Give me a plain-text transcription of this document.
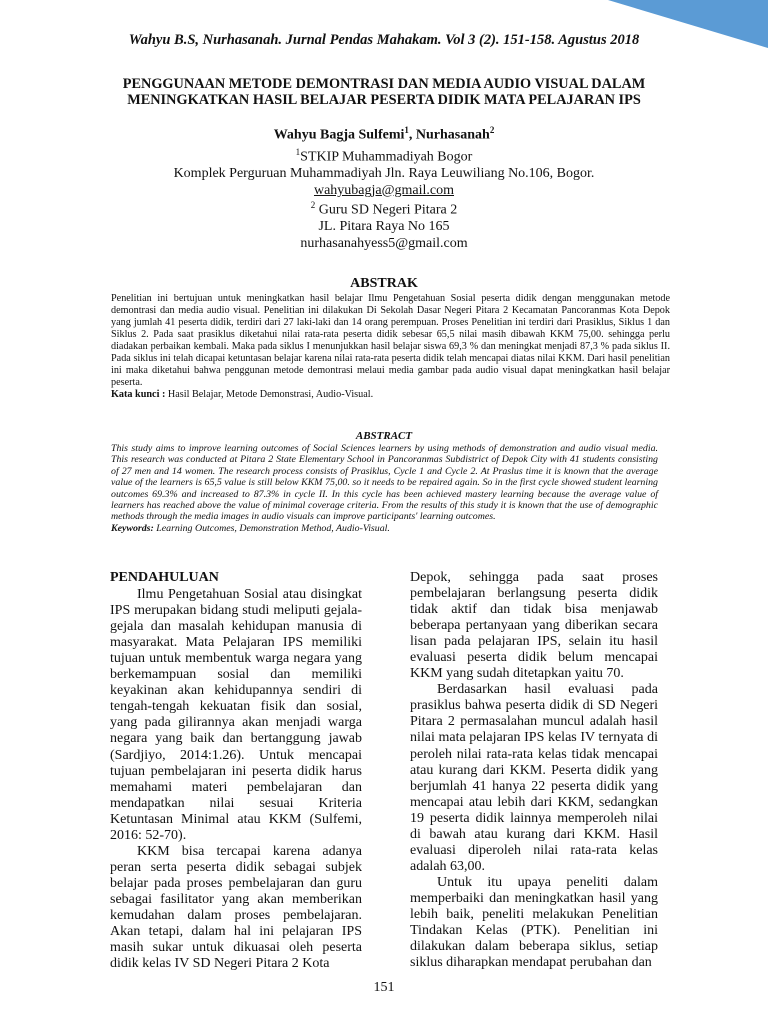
Wahyu B.S, Nurhasanah. Jurnal Pendas Mahakam. Vol 3 (2). 151-158. Agustus 2018
PENGGUNAAN METODE DEMONTRASI DAN MEDIA AUDIO VISUAL DALAM
MENINGKATKAN HASIL BELAJAR PESERTA DIDIK MATA PELAJARAN IPS
Wahyu Bagja Sulfemi$^1$, Nurhasanah$^2$
$^1$STKIP Muhammadiyah Bogor
Komplek Perguruan Muhammadiyah Jln. Raya Leuwiliang No.106, Bogor.
wahyubagja@gmail.com
$^2$ Guru SD Negeri Pitara 2
JL. Pitara Raya No 165
nurhasanahyess5@gmail.com
ABSTRAK

Penelitian ini bertujuan untuk meningkatkan hasil belajar Ilmu Pengetahuan Sosial peserta didik dengan menggunakan metode demontrasi dan media audio visual. Penelitian ini dilakukan Di Sekolah Dasar Negeri Pitara 2 Kecamatan Pancoranmas Kota Depok yang jumlah 41 peserta didik, terdiri dari 27 laki-laki dan 14 orang perempuan. Proses Penelitian ini terdiri dari Prasiklus, Siklus 1 dan Siklus 2. Pada saat prasiklus diketahui nilai rata-rata peserta didik sebesar 65,5 nilai masih dibawah KKM 75,00. sehingga perlu diadakan perbaikan kembali. Maka pada siklus I menunjukkan hasil belajar siswa 69,3 % dan meningkat menjadi 87,3 % pada siklus II. Pada siklus ini telah dicapai ketuntasan belajar karena nilai rata-rata peserta didik telah mencapai diatas nilai KKM. Dari hasil penelitian ini maka diketahui bahwa penggunan metode demontrasi melaui media gambar pada audio visual dapat meningkatkan hasil belajar peserta.

Kata kunci : Hasil Belajar, Metode Demonstrasi, Audio-Visual.

ABSTRACT

This study aims to improve learning outcomes of Social Sciences learners by using methods of demonstration and audio visual media. This research was conducted at Pitara 2 State Elementary School in Pancoranmas Subdistrict of Depok City with 41 students consisting of 27 men and 14 women. The research process consists of Prasiklus, Cycle 1 and Cycle 2. At Praslus time it is known that the average value of the learners is 65,5 value is still below KKM 75,00. so it needs to be repaired again. So in the first cycle showed student learning outcomes 69.3% and increased to 87.3% in cycle II. In this cycle has been achieved mastery learning because the average value of learners has reached above the value of minimal coverage criteria. From the results of this study it is known that the use of demographic methods through the media images in audio visuals can improve participants' learning outcomes.

Keywords: Learning Outcomes, Demonstration Method, Audio-Visual.

PENDAHULUAN

Ilmu Pengetahuan Sosial atau disingkat IPS merupakan bidang studi meliputi gejala-gejala dan masalah kehidupan manusia di masyarakat. Mata Pelajaran IPS memiliki tujuan untuk membentuk warga negara yang berkemampuan sosial dan memiliki keyakinan akan kehidupannya sendiri di tengah-tengah kekuatan fisik dan sosial, yang pada gilirannya akan menjadi warga negara yang baik dan bertanggung jawab (Sardjiyo, 2014:1.26). Untuk mencapai tujuan pembelajaran ini peserta didik harus memahami materi pembelajaran dan mendapatkan nilai sesuai Kriteria Ketuntasan Minimal atau KKM (Sulfemi, 2016: 52-70).

KKM bisa tercapai karena adanya peran serta peserta didik sebagai subjek belajar pada proses pembelajaran dan guru sebagai fasilitator yang akan memberikan kemudahan dalam proses pembelajaran. Akan tetapi, dalam hal ini pelajaran IPS masih sukar untuk dikuasai oleh peserta didik kelas IV SD Negeri Pitara 2 Kota

Depok, sehingga pada saat proses pembelajaran berlangsung peserta didik tidak aktif dan tidak bisa menjawab beberapa pertanyaan yang diberikan secara lisan pada pelajaran IPS, selain itu hasil evaluasi peserta didik belum mencapai KKM yang sudah ditetapkan yaitu 70.

Berdasarkan hasil evaluasi pada prasiklus bahwa peserta didik di SD Negeri Pitara 2 permasalahan muncul adalah hasil nilai mata pelajaran IPS kelas IV ternyata di peroleh nilai rata-rata kelas tidak mencapai atau kurang dari KKM. Peserta didik yang berjumlah 41 hanya 22 peserta didik yang mencapai atau lebih dari KKM, sedangkan 19 peserta didik lainnya memperoleh nilai di bawah atau kurang dari KKM. Hasil evaluasi diperoleh nilai rata-rata kelas adalah 63,00.

Untuk itu upaya peneliti dalam memperbaiki dan meningkatkan hasil yang lebih baik, peneliti melakukan Penelitian Tindakan Kelas (PTK). Penelitian ini dilakukan dalam beberapa siklus, setiap siklus diharapkan mendapat perubahan dan

151
